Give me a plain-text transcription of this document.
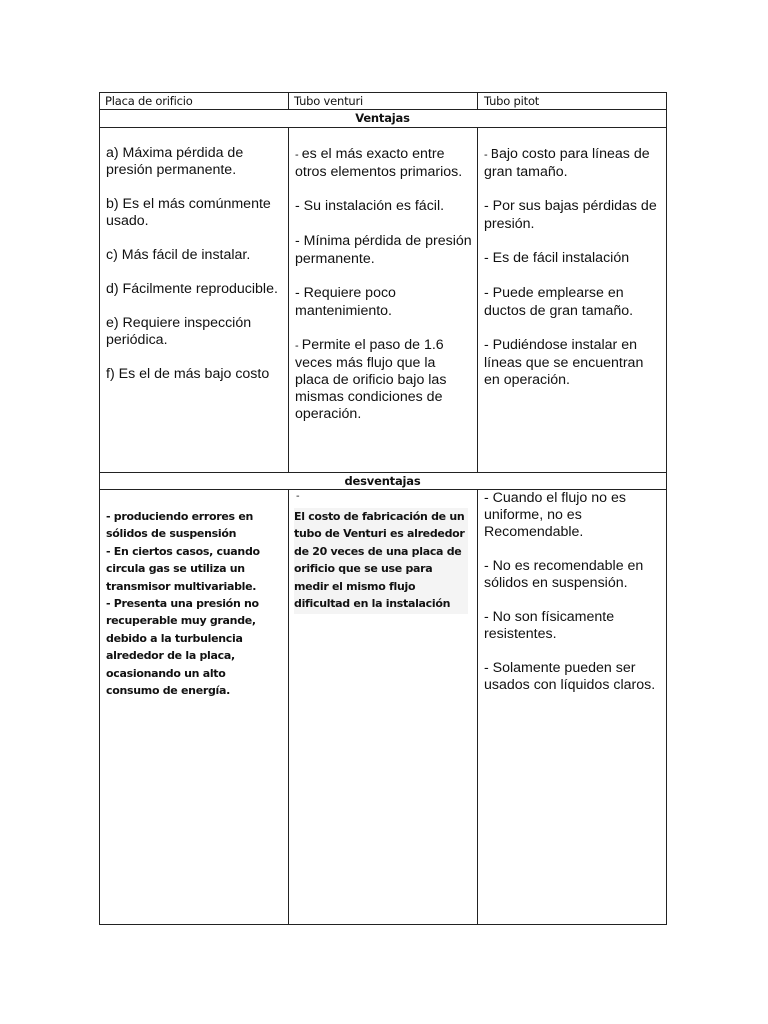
Placa de orificio	Tubo venturi	Tubo pitot
Ventajas
desventajas

a) Máxima pérdida de presión permanente.

b) Es el más comúnmente usado.

c) Más fácil de instalar.

d) Fácilmente reproducible.

e) Requiere inspección periódica.

f) Es el de más bajo costo

- es el más exacto entre otros elementos primarios.

- Su instalación es fácil.

- Mínima pérdida de presión permanente.

- Requiere poco mantenimiento.

- Permite el paso de 1.6 veces más flujo que la placa de orificio bajo las mismas condiciones de operación.

- Bajo costo para líneas de gran tamaño.

- Por sus bajas pérdidas de presión.

- Es de fácil instalación

- Puede emplearse en ductos de gran tamaño.

- Pudiéndose instalar en líneas que se encuentran en operación.

- produciendo errores en sólidos de suspensión

- En ciertos casos, cuando circula gas se utiliza un transmisor multivariable.

- Presenta una presión no recuperable muy grande, debido a la turbulencia alrededor de la placa, ocasionando un alto consumo de energía.

-

El costo de fabricación de un tubo de Venturi es alrededor de 20 veces de una placa de orificio que se use para medir el mismo flujo

dificultad en la instalación

- Cuando el flujo no es uniforme, no es Recomendable.

- No es recomendable en sólidos en suspensión.

- No son físicamente resistentes.

- Solamente pueden ser usados con líquidos claros.
